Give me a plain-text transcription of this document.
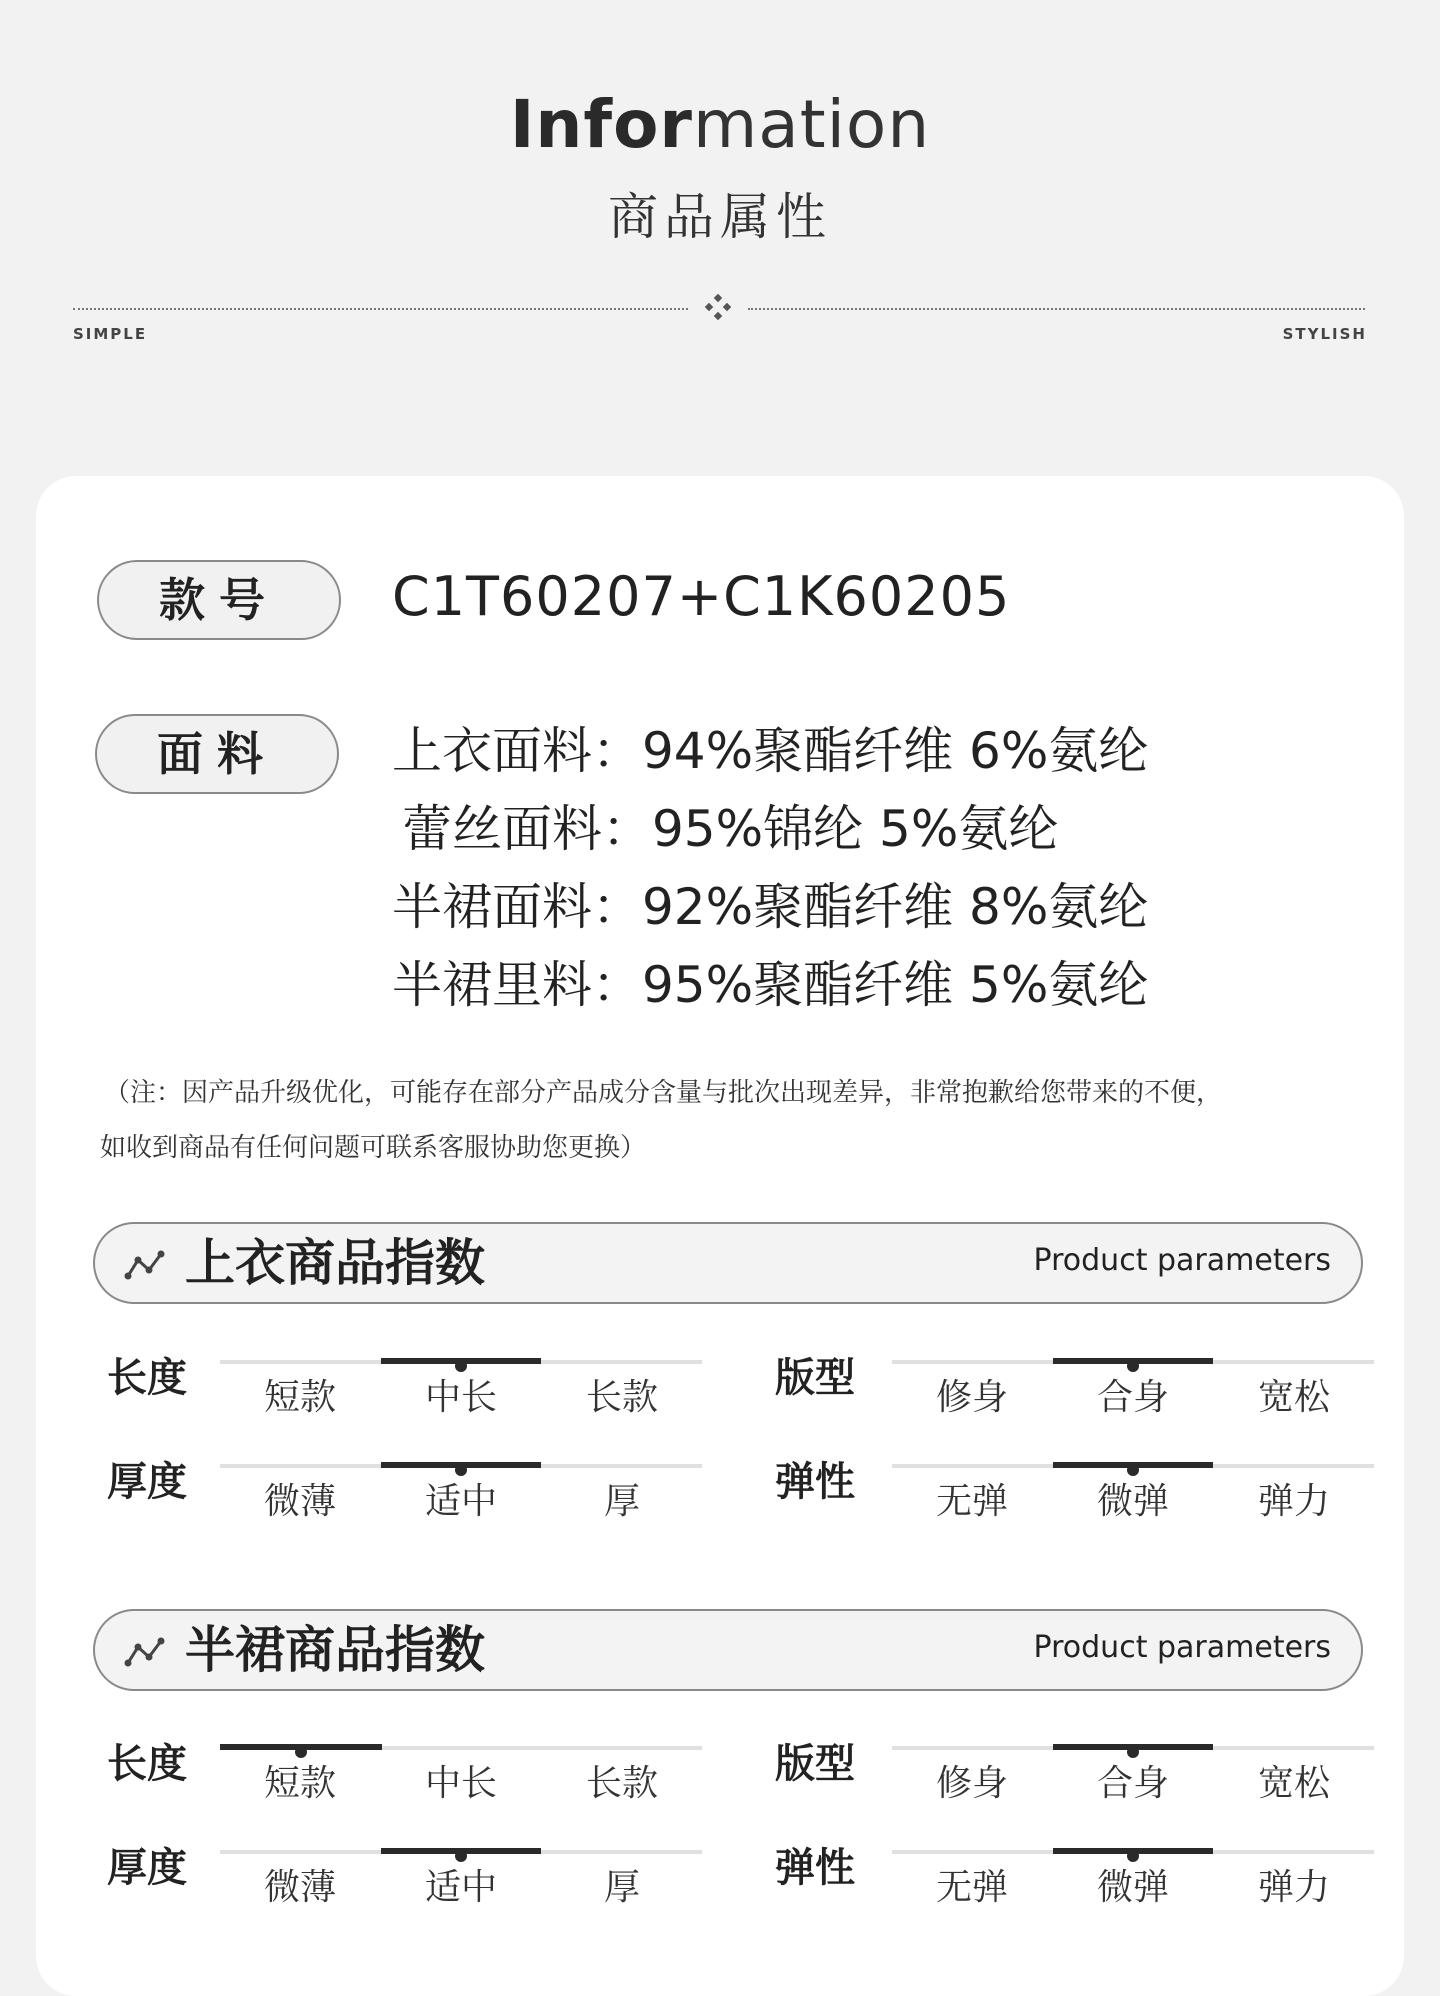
Information
商品属性
SIMPLE	STYLISH
款号	C1T60207+C1K60205
面料	上衣面料：94%聚酯纤维 6%氨纶
蕾丝面料：95%锦纶 5%氨纶
半裙面料：92%聚酯纤维 8%氨纶
半裙里料：95%聚酯纤维 5%氨纶
（注：因产品升级优化，可能存在部分产品成分含量与批次出现差异，非常抱歉给您带来的不便，
如收到商品有任何问题可联系客服协助您更换）
上衣商品指数	Product parameters
长度	短款	中长	长款	版型	修身	合身	宽松
厚度	微薄	适中	厚	弹性	无弹	微弹	弹力
半裙商品指数	Product parameters
长度	短款	中长	长款	版型	修身	合身	宽松
厚度	微薄	适中	厚	弹性	无弹	微弹	弹力
